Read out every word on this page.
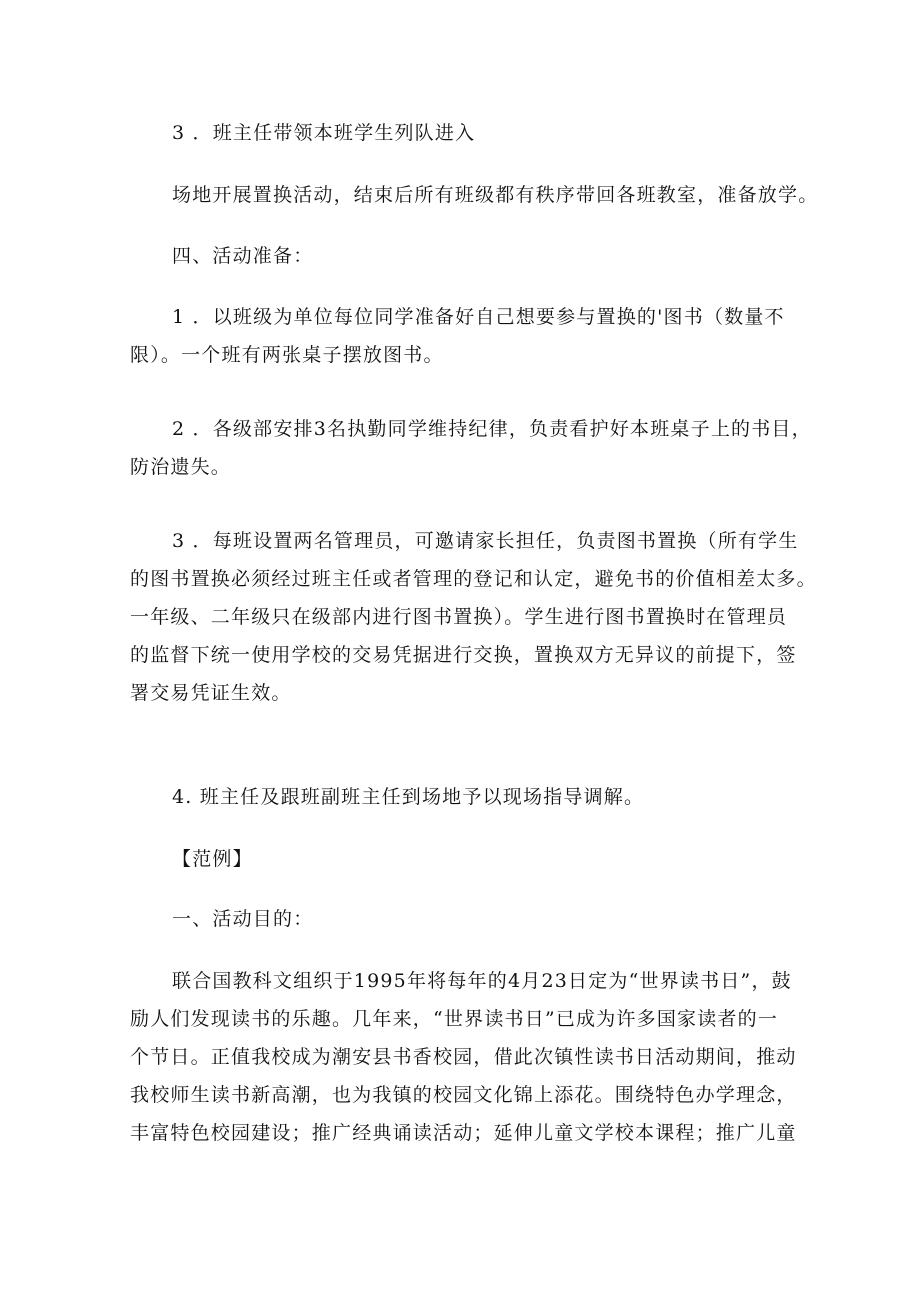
3 ．班主任带领本班学生列队进入

场地开展置换活动，结束后所有班级都有秩序带回各班教室，准备放学。

四、活动准备：

1 ．以班级为单位每位同学准备好自己想要参与置换的'图书（数量不
限）。一个班有两张桌子摆放图书。

2 ．各级部安排3名执勤同学维持纪律，负责看护好本班桌子上的书目，
防治遗失。

3 ．每班设置两名管理员，可邀请家长担任，负责图书置换（所有学生
的图书置换必须经过班主任或者管理的登记和认定，避免书的价值相差太多。
一年级、二年级只在级部内进行图书置换）。学生进行图书置换时在管理员
的监督下统一使用学校的交易凭据进行交换，置换双方无异议的前提下，签
署交易凭证生效。

4. 班主任及跟班副班主任到场地予以现场指导调解。

【范例】

一、活动目的：

联合国教科文组织于1995年将每年的4月23日定为“世界读书日”，鼓
励人们发现读书的乐趣。几年来，“世界读书日”已成为许多国家读者的一
个节日。正值我校成为潮安县书香校园，借此次镇性读书日活动期间，推动
我校师生读书新高潮，也为我镇的校园文化锦上添花。围绕特色办学理念，
丰富特色校园建设；推广经典诵读活动；延伸儿童文学校本课程；推广儿童
